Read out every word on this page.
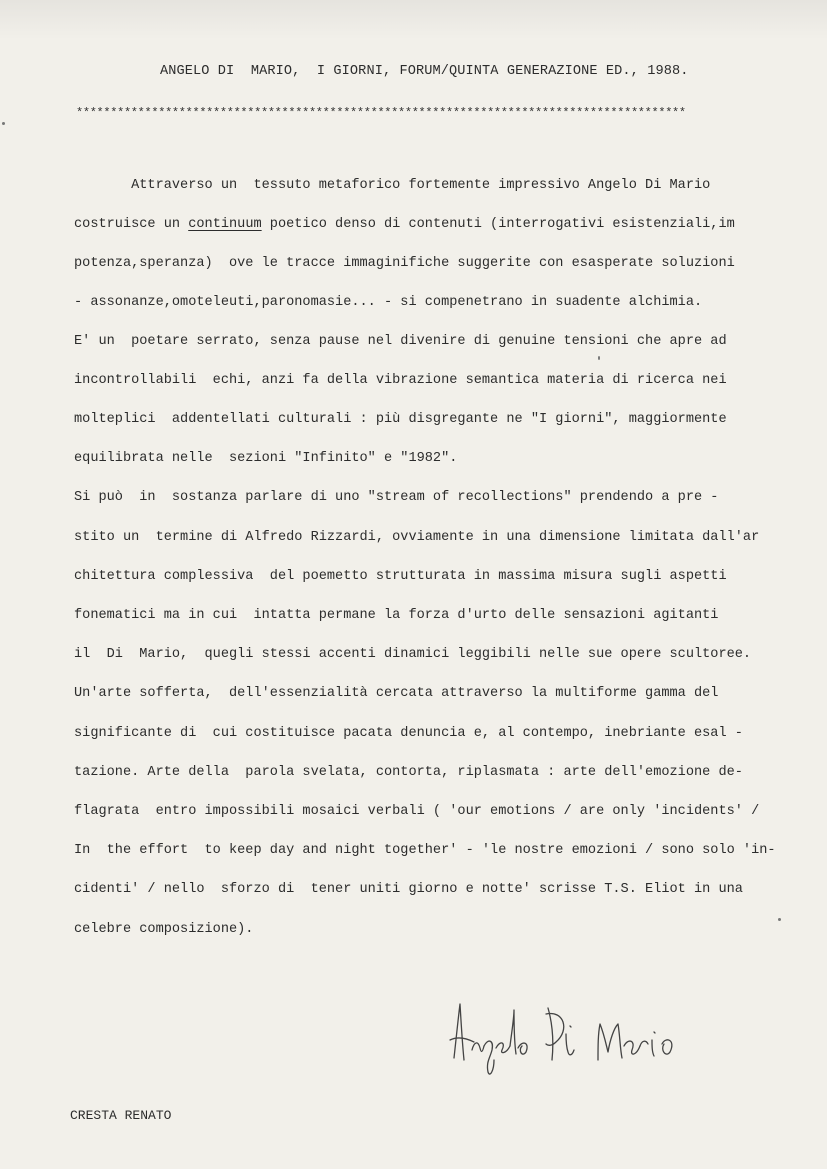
ANGELO DI  MARIO,  I GIORNI, FORUM/QUINTA GENERAZIONE ED., 1988.
*****************************************************************************************
Attraverso un  tessuto metaforico fortemente impressivo Angelo Di Mario
costruisce un continuum poetico denso di contenuti (interrogativi esistenziali,im
potenza,speranza)  ove le tracce immaginifiche suggerite con esasperate soluzioni
- assonanze,omoteleuti,paronomasie... - si compenetrano in suadente alchimia.
E' un  poetare serrato, senza pause nel divenire di genuine tensioni che apre ad
incontrollabili  echi, anzi fa della vibrazione semantica materia di ricerca nei
molteplici  addentellati culturali : più disgregante ne "I giorni", maggiormente
equilibrata nelle  sezioni "Infinito" e "1982".
Si può  in  sostanza parlare di uno "stream of recollections" prendendo a pre -
stito un  termine di Alfredo Rizzardi, ovviamente in una dimensione limitata dall'ar
chitettura complessiva  del poemetto strutturata in massima misura sugli aspetti
fonematici ma in cui  intatta permane la forza d'urto delle sensazioni agitanti
il  Di  Mario,  quegli stessi accenti dinamici leggibili nelle sue opere scultoree.
Un'arte sofferta,  dell'essenzialità cercata attraverso la multiforme gamma del
significante di  cui costituisce pacata denuncia e, al contempo, inebriante esal -
tazione. Arte della  parola svelata, contorta, riplasmata : arte dell'emozione de-
flagrata  entro impossibili mosaici verbali ( 'our emotions / are only 'incidents' /
In  the effort  to keep day and night together' - 'le nostre emozioni / sono solo 'in-
cidenti' / nello  sforzo di  tener uniti giorno e notte' scrisse T.S. Eliot in una
celebre composizione).
CRESTA RENATO
